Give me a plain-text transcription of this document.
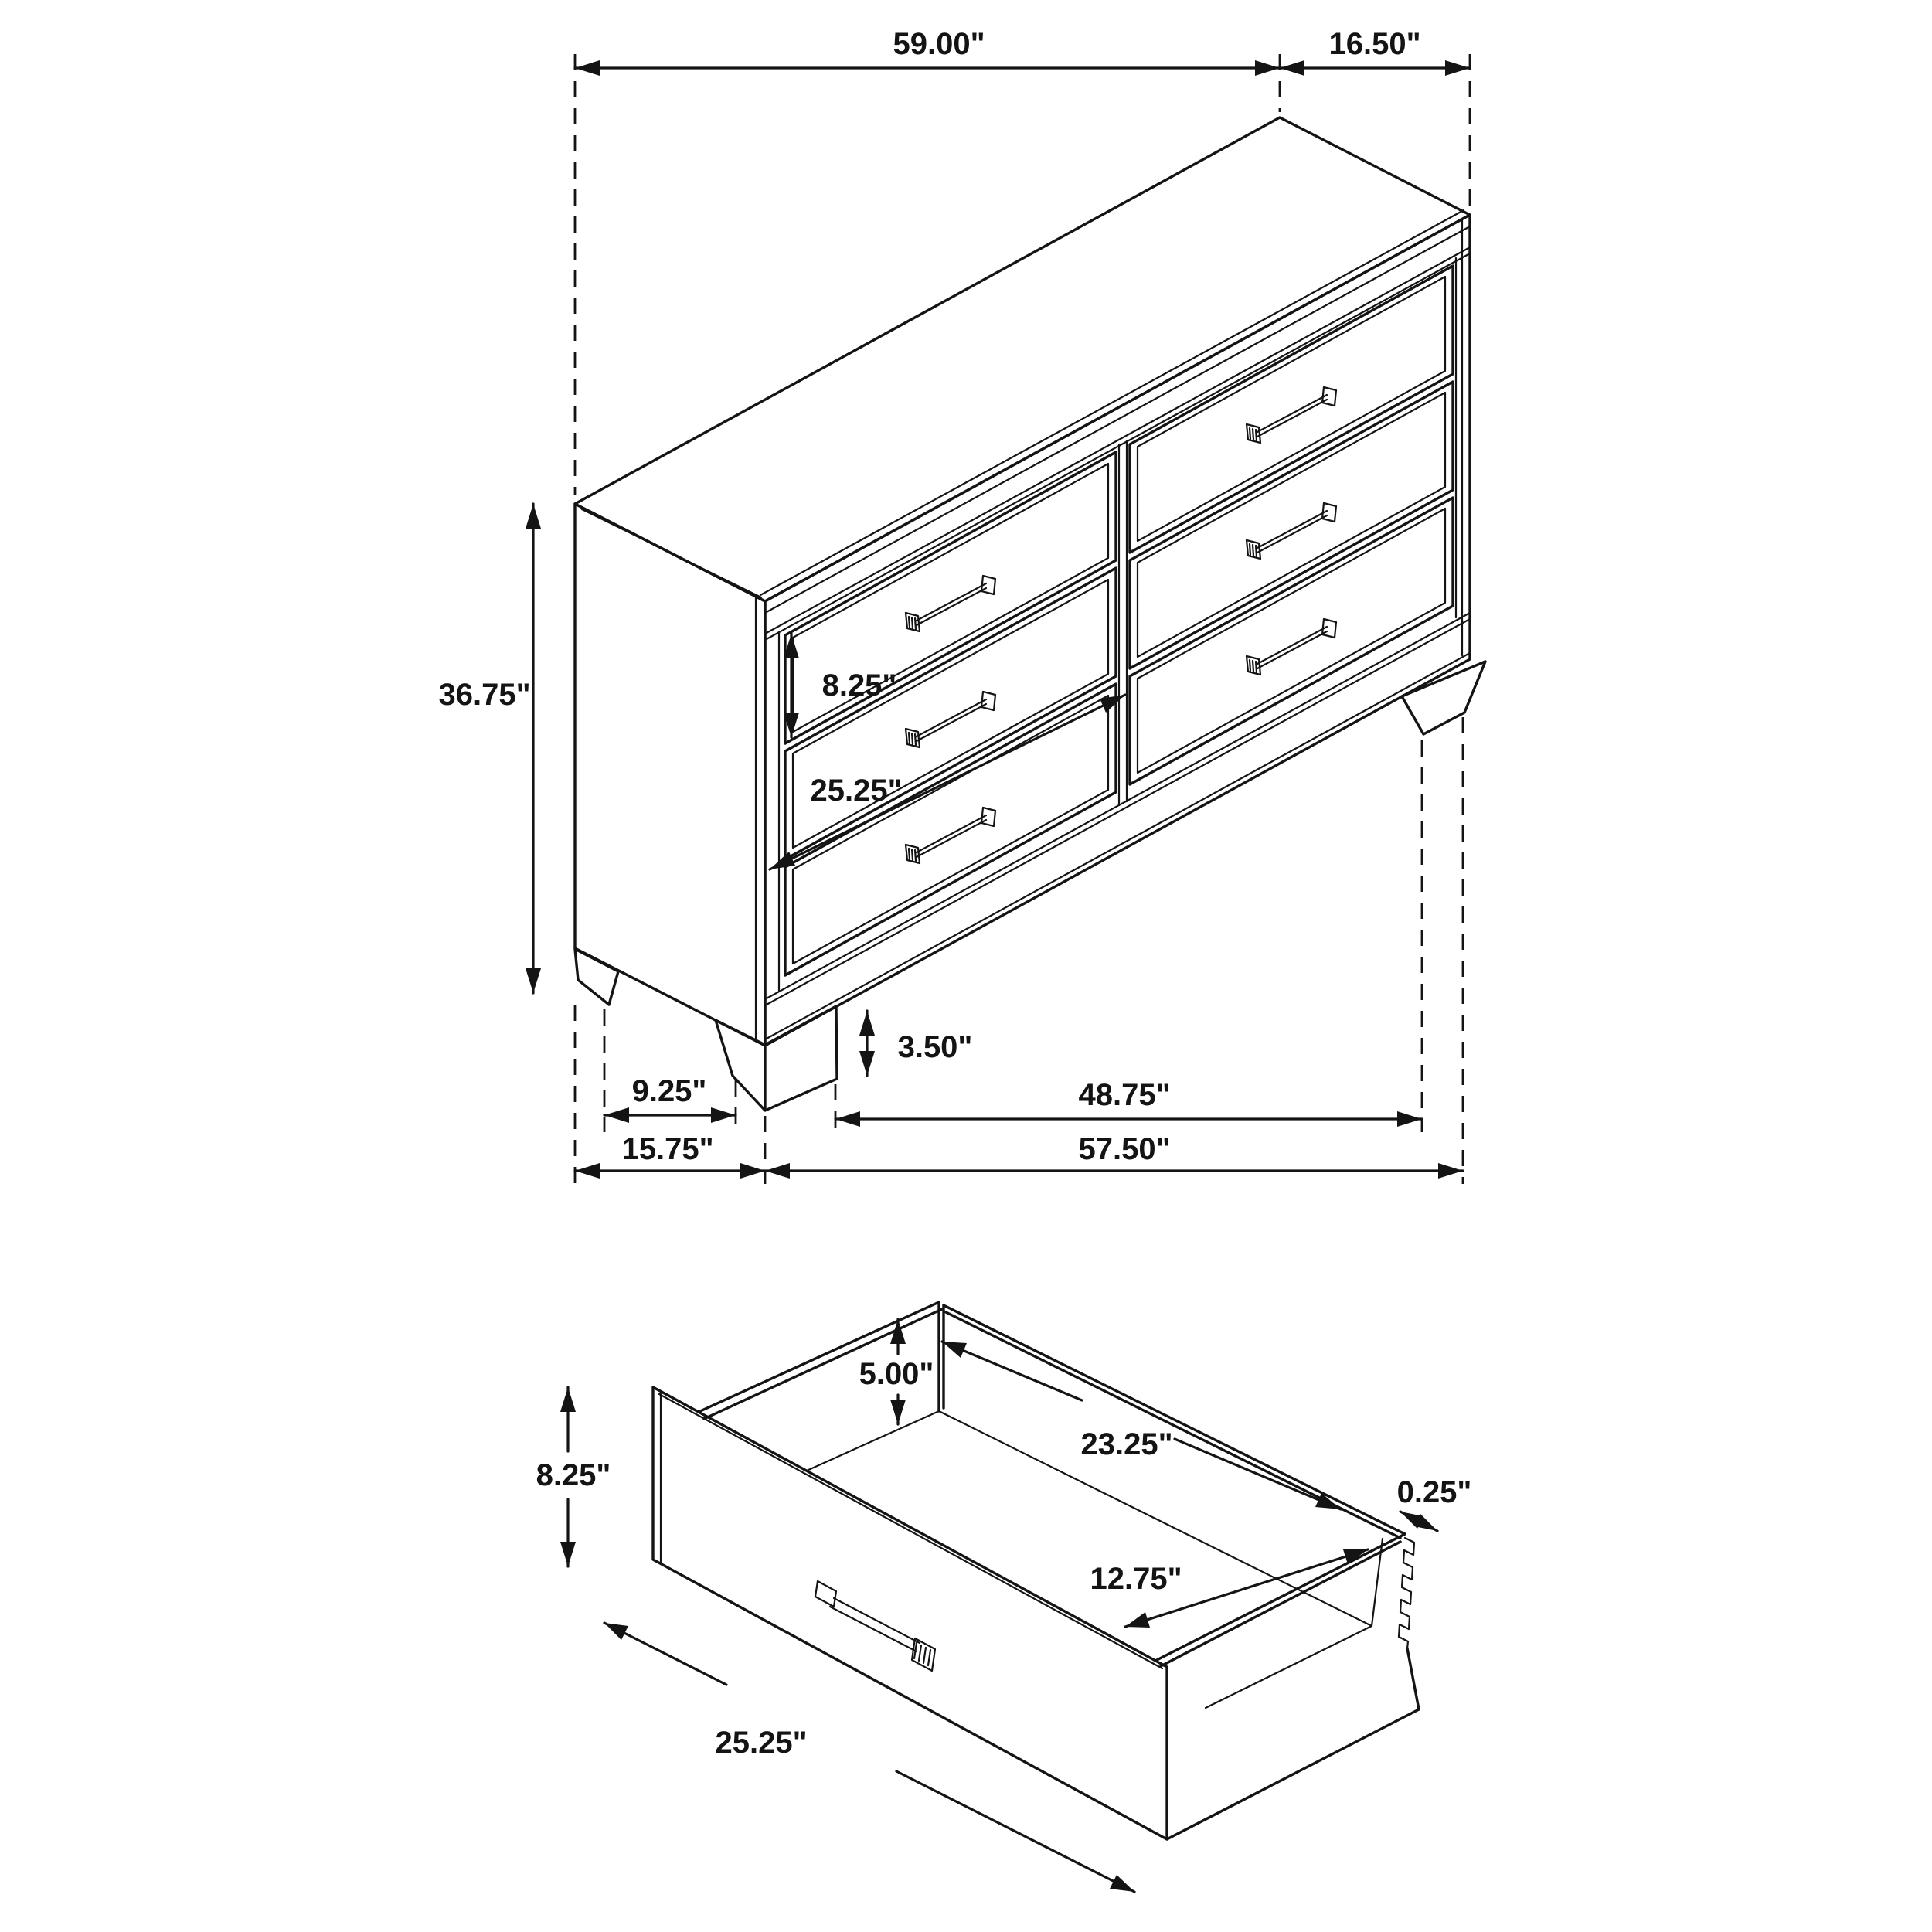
59.00"	16.50"
36.75"	8.25"
25.25"
3.50"
9.25"	48.75"
15.75"	57.50"
8.25"
5.00"
23.25"
0.25"
12.75"
25.25"
